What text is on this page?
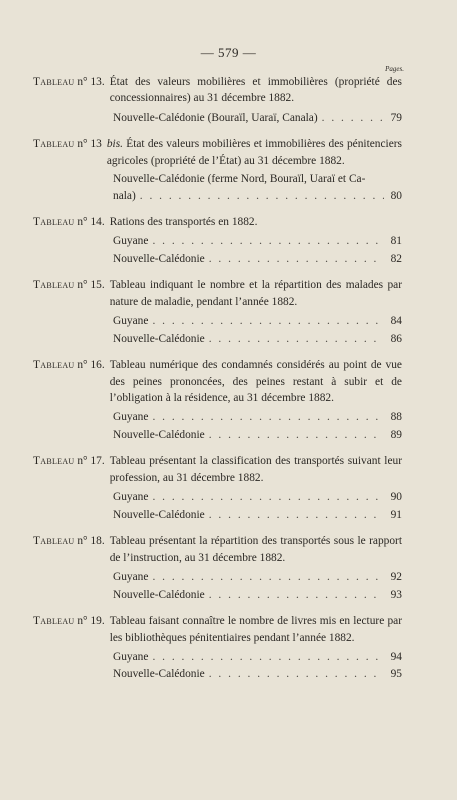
— 579 —
Pages.
Tableau n° 13. État des valeurs mobilières et immobilières (propriété des concessionnaires) au 31 décembre 1882.
Nouvelle-Calédonie (Bouraïl, Uaraï, Canala) . . .	79
Tableau n° 13 bis. État des valeurs mobilières et immobilières des pénitenciers agricoles (propriété de l’État) au 31 décembre 1882.
Nouvelle-Calédonie (ferme Nord, Bouraïl, Uaraï et Ca-
nala) . . .	80
Tableau n° 14. Rations des transportés en 1882.
Guyane . . .	81
Nouvelle-Calédonie . . .	82
Tableau n° 15. Tableau indiquant le nombre et la répartition des malades par nature de maladie, pendant l’année 1882.
Guyane . . .	84
Nouvelle-Calédonie . . .	86
Tableau n° 16. Tableau numérique des condamnés considérés au point de vue des peines prononcées, des peines restant à subir et de l’obligation à la résidence, au 31 décembre 1882.
Guyane . . .	88
Nouvelle-Calédonie . . .	89
Tableau n° 17. Tableau présentant la classification des transportés suivant leur profession, au 31 décembre 1882.
Guyane . . .	90
Nouvelle-Calédonie . . .	91
Tableau n° 18. Tableau présentant la répartition des transportés sous le rapport de l’instruction, au 31 décembre 1882.
Guyane . . .	92
Nouvelle-Calédonie . . .	93
Tableau n° 19. Tableau faisant connaître le nombre de livres mis en lecture par les bibliothèques pénitentiaires pendant l’année 1882.
Guyane . . .	94
Nouvelle-Calédonie . . .	95
